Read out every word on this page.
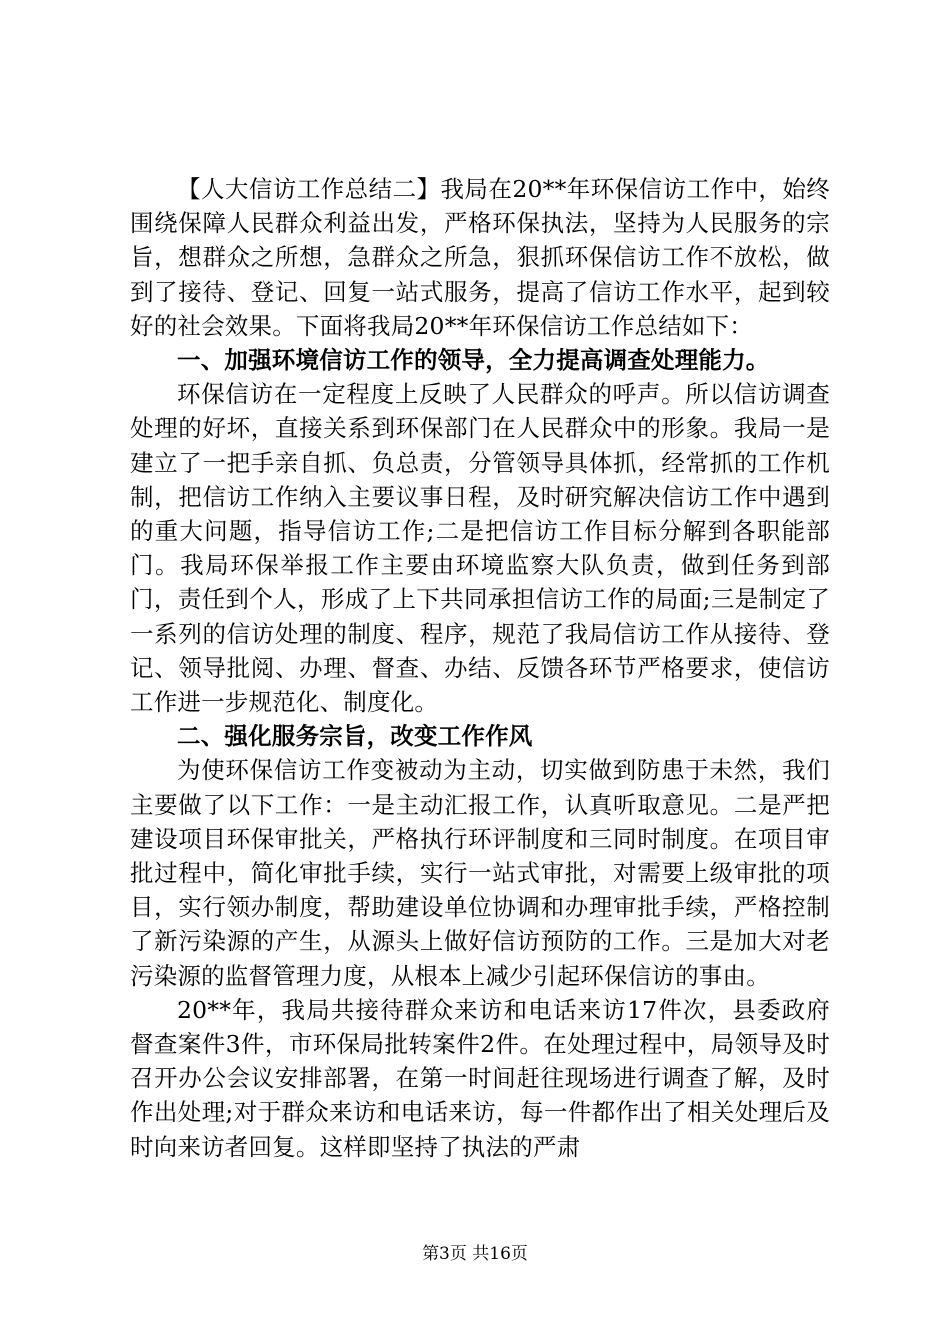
【人大信访工作总结二】我局在20**年环保信访工作中，始终围绕保障人民群众利益出发，严格环保执法，坚持为人民服务的宗旨，想群众之所想，急群众之所急，狠抓环保信访工作不放松，做到了接待、登记、回复一站式服务，提高了信访工作水平，起到较好的社会效果。下面将我局20**年环保信访工作总结如下：

一、加强环境信访工作的领导，全力提高调查处理能力。

环保信访在一定程度上反映了人民群众的呼声。所以信访调查处理的好坏，直接关系到环保部门在人民群众中的形象。我局一是建立了一把手亲自抓、负总责，分管领导具体抓，经常抓的工作机制，把信访工作纳入主要议事日程，及时研究解决信访工作中遇到的重大问题，指导信访工作;二是把信访工作目标分解到各职能部门。我局环保举报工作主要由环境监察大队负责，做到任务到部门，责任到个人，形成了上下共同承担信访工作的局面;三是制定了一系列的信访处理的制度、程序，规范了我局信访工作从接待、登记、领导批阅、办理、督查、办结、反馈各环节严格要求，使信访工作进一步规范化、制度化。

二、强化服务宗旨，改变工作作风

为使环保信访工作变被动为主动，切实做到防患于未然，我们主要做了以下工作：一是主动汇报工作，认真听取意见。二是严把建设项目环保审批关，严格执行环评制度和三同时制度。在项目审批过程中，简化审批手续，实行一站式审批，对需要上级审批的项目，实行领办制度，帮助建设单位协调和办理审批手续，严格控制了新污染源的产生，从源头上做好信访预防的工作。三是加大对老污染源的监督管理力度，从根本上减少引起环保信访的事由。

20**年，我局共接待群众来访和电话来访17件次，县委政府督查案件3件，市环保局批转案件2件。在处理过程中，局领导及时召开办公会议安排部署，在第一时间赶往现场进行调查了解，及时作出处理;对于群众来访和电话来访，每一件都作出了相关处理后及时向来访者回复。这样即坚持了执法的严肃

第3页 共16页
